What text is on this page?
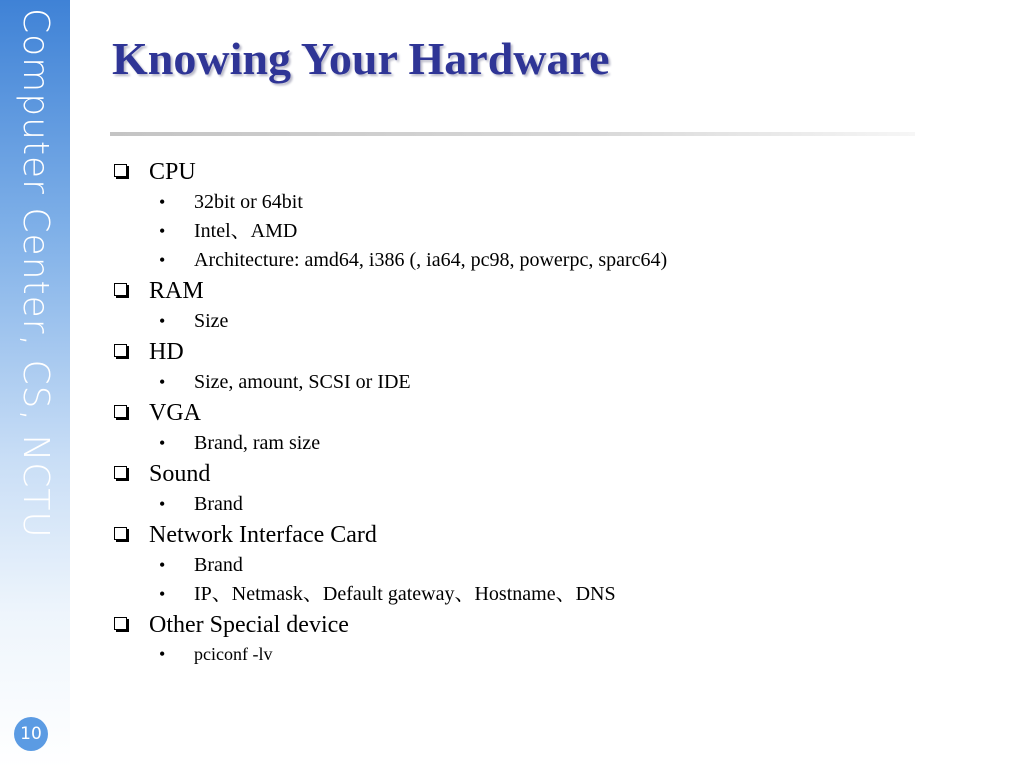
Computer Center, CS, NCTU
10
Knowing Your Hardware
CPU
• 32bit or 64bit
• Intel、AMD
• Architecture: amd64, i386 (, ia64, pc98, powerpc, sparc64)
RAM
• Size
HD
• Size, amount, SCSI or IDE
VGA
• Brand, ram size
Sound
• Brand
Network Interface Card
• Brand
• IP、Netmask、Default gateway、Hostname、DNS
Other Special device
• pciconf -lv
